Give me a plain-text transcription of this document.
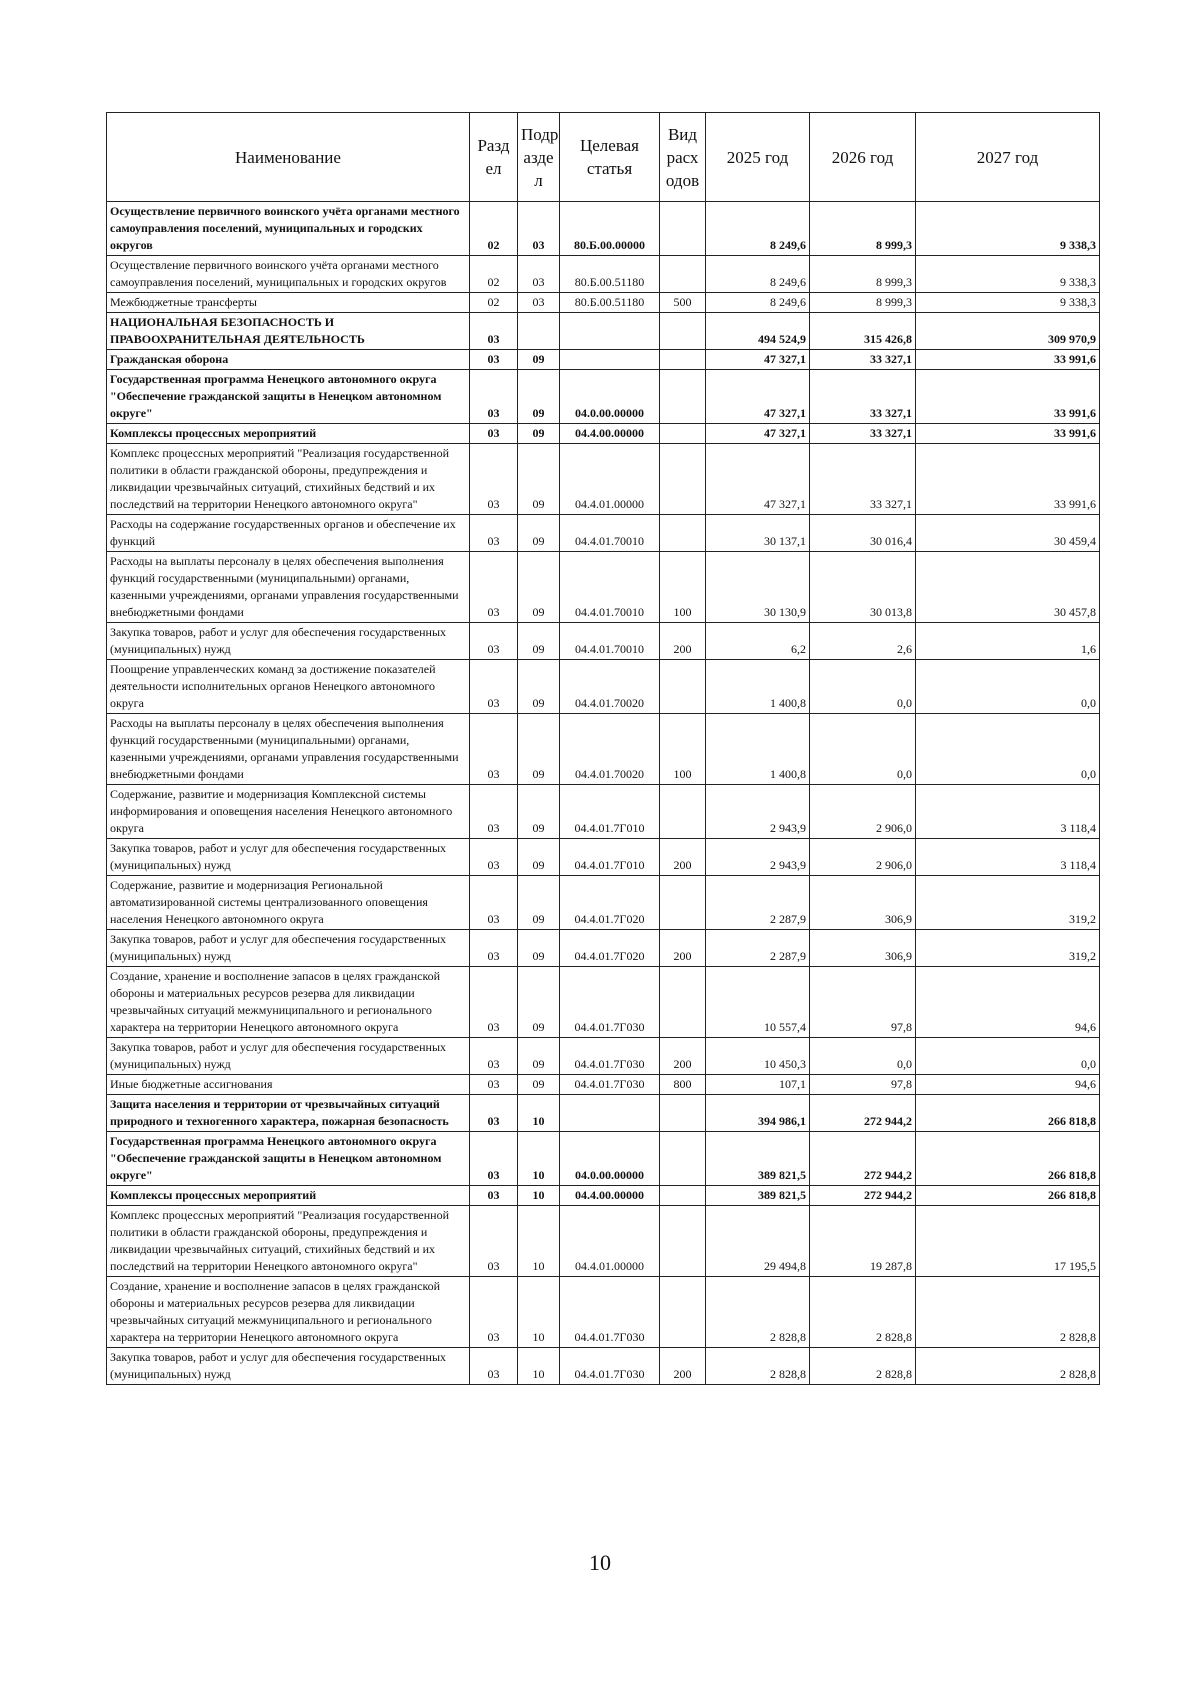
Наименование	Разд ел	Подр азде л	Целевая статья	Вид расх одов	2025 год	2026 год	2027 год
Осуществление первичного воинского учёта органами местного самоуправления поселений, муниципальных и городских округов	02	03	80.Б.00.00000		8 249,6	8 999,3	9 338,3
Осуществление первичного воинского учёта органами местного самоуправления поселений, муниципальных и городских округов	02	03	80.Б.00.51180		8 249,6	8 999,3	9 338,3
Межбюджетные трансферты	02	03	80.Б.00.51180	500	8 249,6	8 999,3	9 338,3
НАЦИОНАЛЬНАЯ БЕЗОПАСНОСТЬ И ПРАВООХРАНИТЕЛЬНАЯ ДЕЯТЕЛЬНОСТЬ	03				494 524,9	315 426,8	309 970,9
Гражданская оборона	03	09			47 327,1	33 327,1	33 991,6
Государственная программа Ненецкого автономного округа "Обеспечение гражданской защиты в Ненецком автономном округе"	03	09	04.0.00.00000		47 327,1	33 327,1	33 991,6
Комплексы процессных мероприятий	03	09	04.4.00.00000		47 327,1	33 327,1	33 991,6
Комплекс процессных мероприятий "Реализация государственной политики в области гражданской обороны, предупреждения и ликвидации чрезвычайных ситуаций, стихийных бедствий и их последствий на территории Ненецкого автономного округа"	03	09	04.4.01.00000		47 327,1	33 327,1	33 991,6
Расходы на содержание государственных органов и обеспечение их функций	03	09	04.4.01.70010		30 137,1	30 016,4	30 459,4
Расходы на выплаты персоналу в целях обеспечения выполнения функций государственными (муниципальными) органами, казенными учреждениями, органами управления государственными внебюджетными фондами	03	09	04.4.01.70010	100	30 130,9	30 013,8	30 457,8
Закупка товаров, работ и услуг для обеспечения государственных (муниципальных) нужд	03	09	04.4.01.70010	200	6,2	2,6	1,6
Поощрение управленческих команд за достижение показателей деятельности исполнительных органов Ненецкого автономного округа	03	09	04.4.01.70020		1 400,8	0,0	0,0
Расходы на выплаты персоналу в целях обеспечения выполнения функций государственными (муниципальными) органами, казенными учреждениями, органами управления государственными внебюджетными фондами	03	09	04.4.01.70020	100	1 400,8	0,0	0,0
Содержание, развитие и модернизация Комплексной системы информирования и оповещения населения Ненецкого автономного округа	03	09	04.4.01.7Г010		2 943,9	2 906,0	3 118,4
Закупка товаров, работ и услуг для обеспечения государственных (муниципальных) нужд	03	09	04.4.01.7Г010	200	2 943,9	2 906,0	3 118,4
Содержание, развитие и модернизация Региональной автоматизированной системы централизованного оповещения населения Ненецкого автономного округа	03	09	04.4.01.7Г020		2 287,9	306,9	319,2
Закупка товаров, работ и услуг для обеспечения государственных (муниципальных) нужд	03	09	04.4.01.7Г020	200	2 287,9	306,9	319,2
Создание, хранение и восполнение запасов в целях гражданской обороны и материальных ресурсов резерва для ликвидации чрезвычайных ситуаций межмуниципального и регионального характера на территории Ненецкого автономного округа	03	09	04.4.01.7Г030		10 557,4	97,8	94,6
Закупка товаров, работ и услуг для обеспечения государственных (муниципальных) нужд	03	09	04.4.01.7Г030	200	10 450,3	0,0	0,0
Иные бюджетные ассигнования	03	09	04.4.01.7Г030	800	107,1	97,8	94,6
Защита населения и территории от чрезвычайных ситуаций природного и техногенного характера, пожарная безопасность	03	10			394 986,1	272 944,2	266 818,8
Государственная программа Ненецкого автономного округа "Обеспечение гражданской защиты в Ненецком автономном округе"	03	10	04.0.00.00000		389 821,5	272 944,2	266 818,8
Комплексы процессных мероприятий	03	10	04.4.00.00000		389 821,5	272 944,2	266 818,8
Комплекс процессных мероприятий "Реализация государственной политики в области гражданской обороны, предупреждения и ликвидации чрезвычайных ситуаций, стихийных бедствий и их последствий на территории Ненецкого автономного округа"	03	10	04.4.01.00000		29 494,8	19 287,8	17 195,5
Создание, хранение и восполнение запасов в целях гражданской обороны и материальных ресурсов резерва для ликвидации чрезвычайных ситуаций межмуниципального и регионального характера на территории Ненецкого автономного округа	03	10	04.4.01.7Г030		2 828,8	2 828,8	2 828,8
Закупка товаров, работ и услуг для обеспечения государственных (муниципальных) нужд	03	10	04.4.01.7Г030	200	2 828,8	2 828,8	2 828,8
10
